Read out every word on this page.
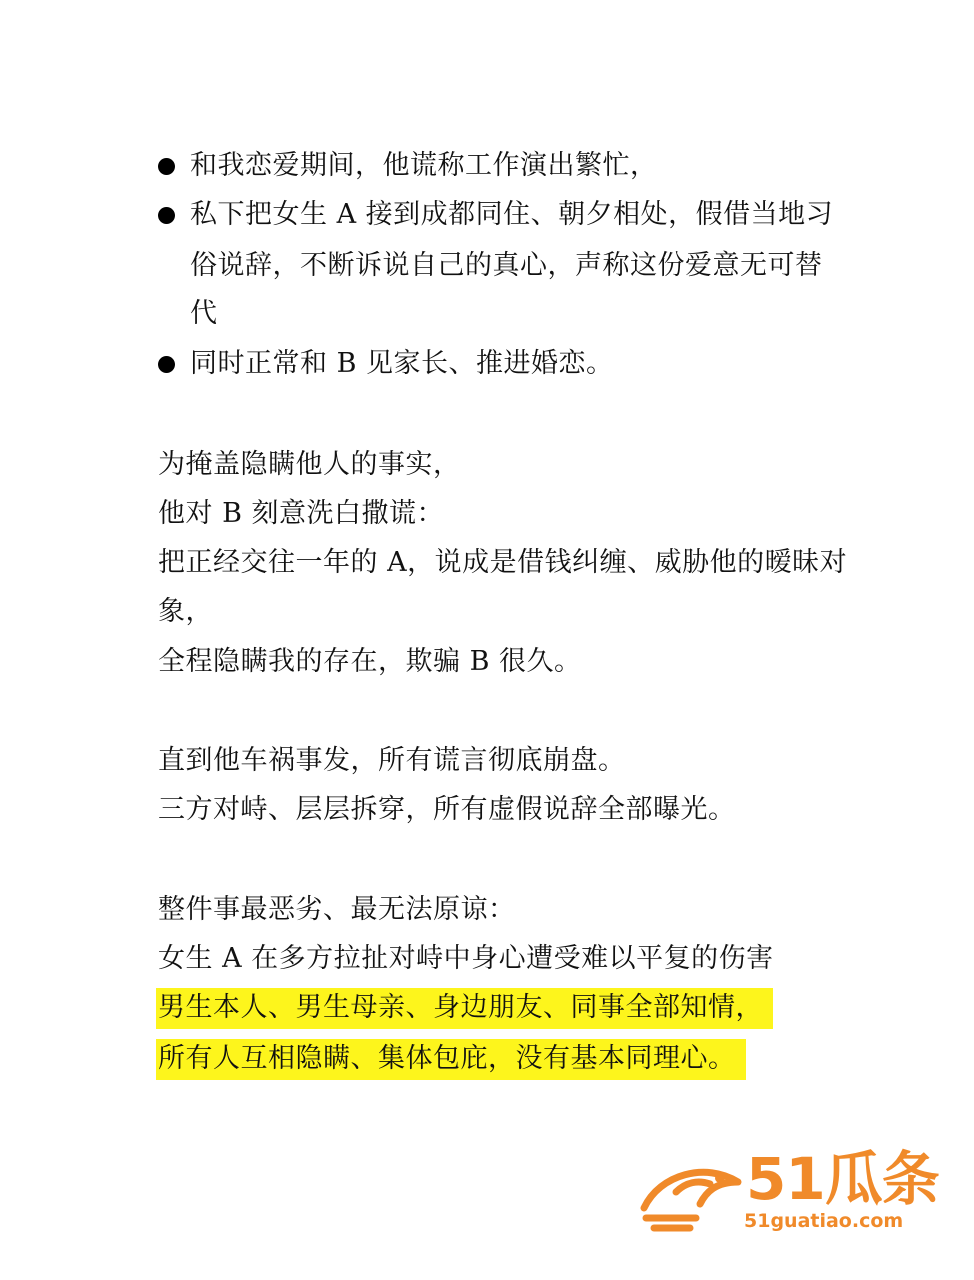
和我恋爱期间，他谎称工作演出繁忙，
私下把女生 A 接到成都同住、朝夕相处，假借当地习
俗说辞，不断诉说自己的真心，声称这份爱意无可替
代
同时正常和 B 见家长、推进婚恋。
为掩盖隐瞒他人的事实，
他对 B 刻意洗白撒谎：
把正经交往一年的 A，说成是借钱纠缠、威胁他的暧昧对
象，
全程隐瞒我的存在，欺骗 B 很久。
直到他车祸事发，所有谎言彻底崩盘。
三方对峙、层层拆穿，所有虚假说辞全部曝光。
整件事最恶劣、最无法原谅：
女生 A 在多方拉扯对峙中身心遭受难以平复的伤害
男生本人、男生母亲、身边朋友、同事全部知情，
所有人互相隐瞒、集体包庇，没有基本同理心。
51瓜条
51guatiao.com
